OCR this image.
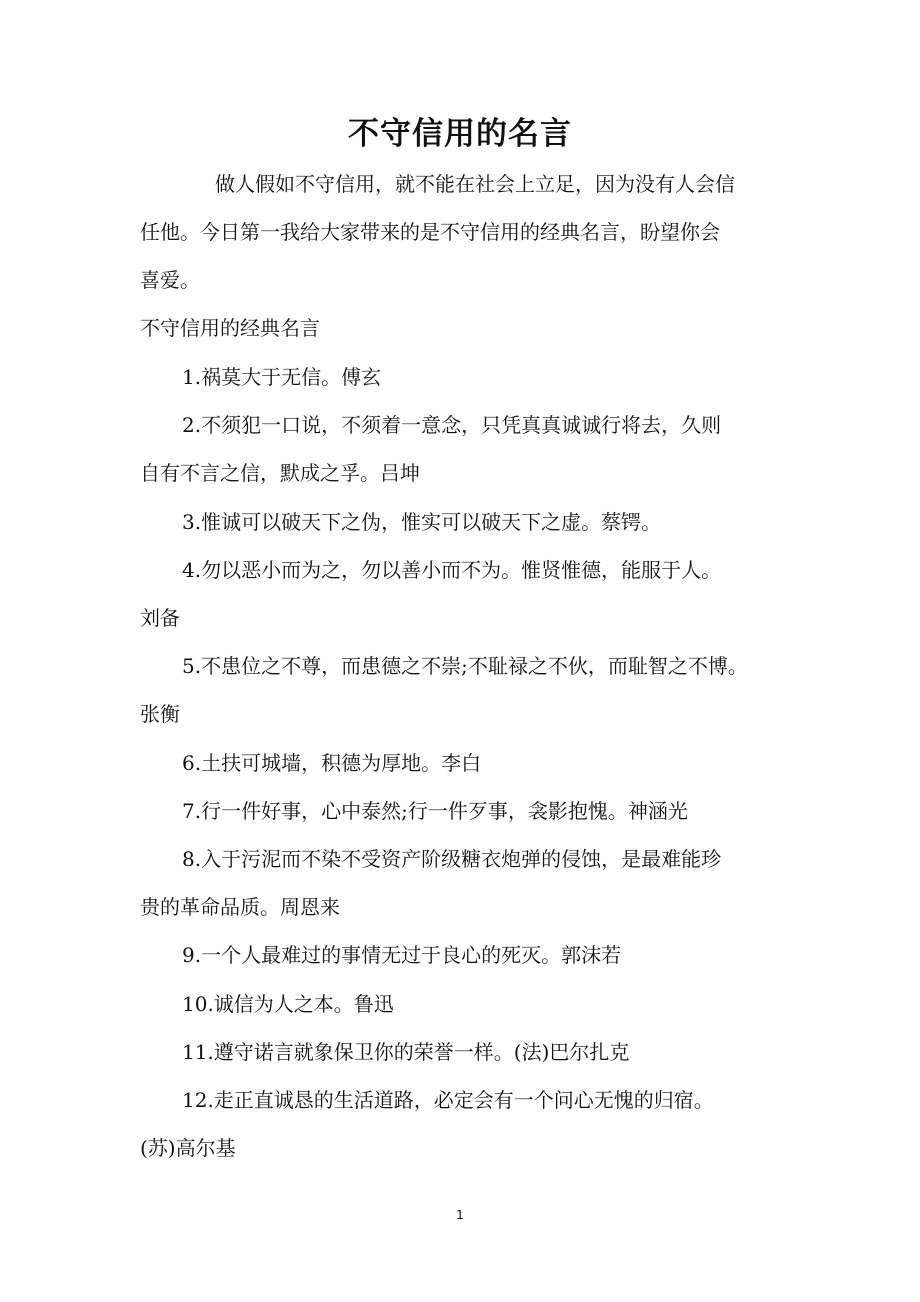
不守信用的名言
做人假如不守信用，就不能在社会上立足，因为没有人会信
任他。今日第一我给大家带来的是不守信用的经典名言，盼望你会
喜爱。
不守信用的经典名言
1.祸莫大于无信。傅玄
2.不须犯一口说，不须着一意念，只凭真真诚诚行将去，久则
自有不言之信，默成之孚。吕坤
3.惟诚可以破天下之伪，惟实可以破天下之虚。蔡锷。
4.勿以恶小而为之，勿以善小而不为。惟贤惟德，能服于人。
刘备
5.不患位之不尊，而患德之不崇;不耻禄之不伙，而耻智之不博。
张衡
6.土扶可城墙，积德为厚地。李白
7.行一件好事，心中泰然;行一件歹事，衾影抱愧。神涵光
8.入于污泥而不染不受资产阶级糖衣炮弹的侵蚀，是最难能珍
贵的革命品质。周恩来
9.一个人最难过的事情无过于良心的死灭。郭沫若
10.诚信为人之本。鲁迅
11.遵守诺言就象保卫你的荣誉一样。(法)巴尔扎克
12.走正直诚恳的生活道路，必定会有一个问心无愧的归宿。
(苏)高尔基
1
